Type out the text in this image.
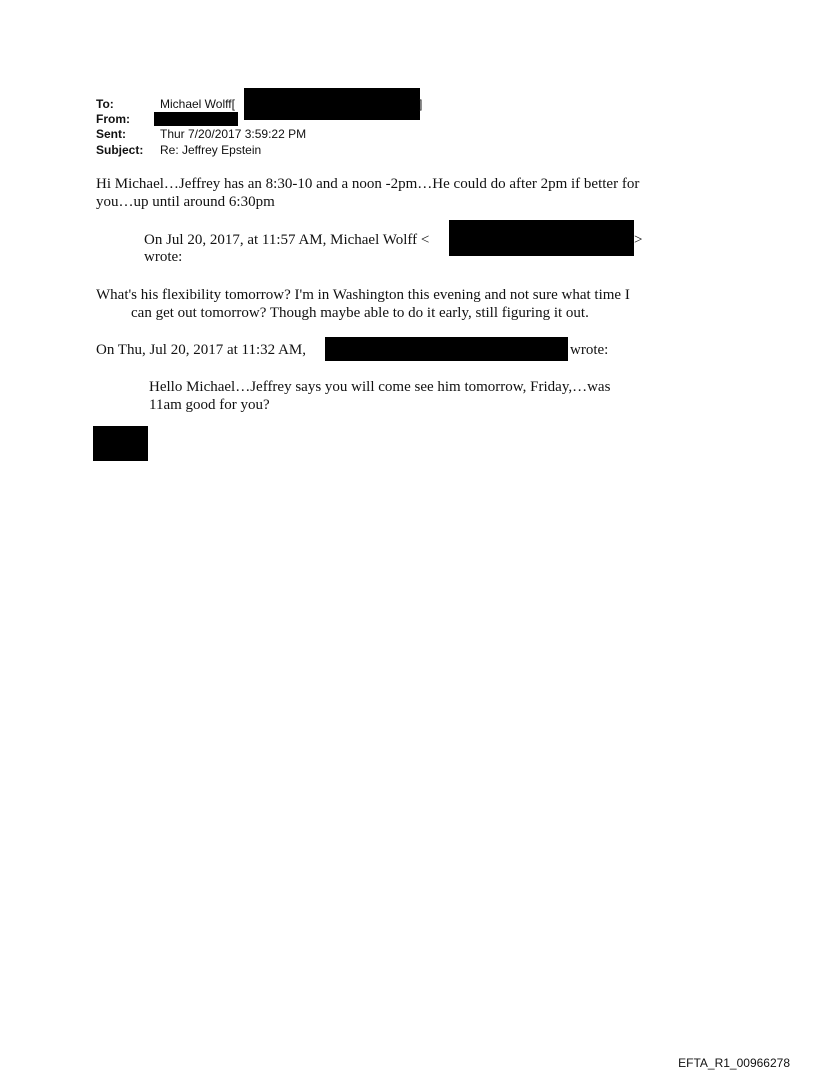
To:	Michael Wolff[	]
From:
Sent:	Thur 7/20/2017 3:59:22 PM
Subject: Re: Jeffrey Epstein
Hi Michael…Jeffrey has an 8:30-10 and a noon -2pm…He could do after 2pm if better for
you…up until around 6:30pm
On Jul 20, 2017, at 11:57 AM, Michael Wolff <	>
wrote:
What's his flexibility tomorrow? I'm in Washington this evening and not sure what time I
can get out tomorrow? Though maybe able to do it early, still figuring it out.
On Thu, Jul 20, 2017 at 11:32 AM,	wrote:
Hello Michael…Jeffrey says you will come see him tomorrow, Friday,…was
11am good for you?
EFTA_R1_00966278
